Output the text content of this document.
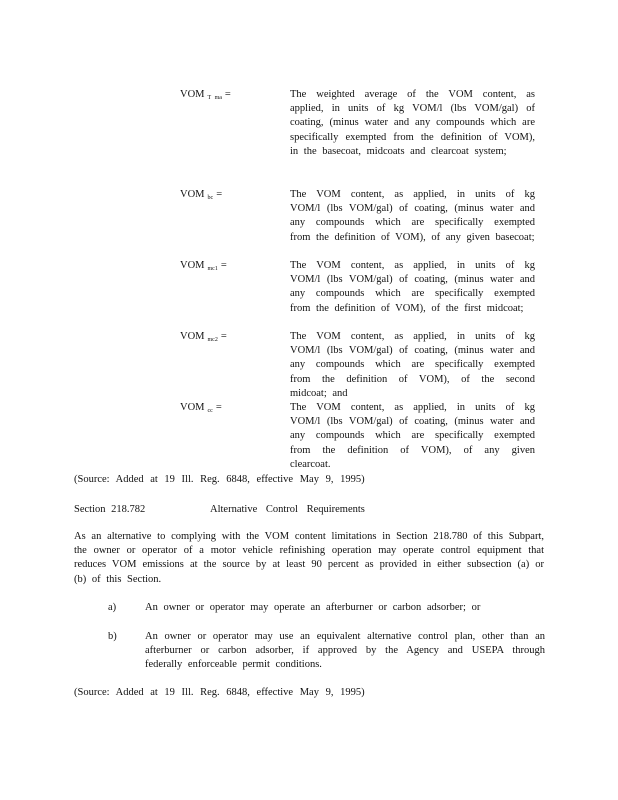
VOM $_{T ma}$ =	The weighted average of the VOM content, as applied, in units of kg VOM/l (lbs VOM/gal) of coating, (minus water and any compounds which are specifically exempted from the definition of VOM), in the basecoat, midcoats and clearcoat system;
VOM $_{bc}$ =	The VOM content, as applied, in units of kg VOM/l (lbs VOM/gal) of coating, (minus water and any compounds which are specifically exempted from the definition of VOM), of any given basecoat;
VOM $_{mc1}$ =	The VOM content, as applied, in units of kg VOM/l (lbs VOM/gal) of coating, (minus water and any compounds which are specifically exempted from the definition of VOM), of the first midcoat;
VOM $_{mc2}$ =	The VOM content, as applied, in units of kg VOM/l (lbs VOM/gal) of coating, (minus water and any compounds which are specifically exempted from the definition of VOM), of the second midcoat; and
VOM $_{cc}$ =	The VOM content, as applied, in units of kg VOM/l (lbs VOM/gal) of coating, (minus water and any compounds which are specifically exempted from the definition of VOM), of any given clearcoat.
(Source: Added at 19 Ill. Reg. 6848, effective May 9, 1995)
Section 218.782	Alternative Control Requirements
As an alternative to complying with the VOM content limitations in Section 218.780 of this Subpart, the owner or operator of a motor vehicle refinishing operation may operate control equipment that reduces VOM emissions at the source by at least 90 percent as provided in either subsection (a) or (b) of this Section.
a)	An owner or operator may operate an afterburner or carbon adsorber; or
b)	An owner or operator may use an equivalent alternative control plan, other than an afterburner or carbon adsorber, if approved by the Agency and USEPA through federally enforceable permit conditions.
(Source: Added at 19 Ill. Reg. 6848, effective May 9, 1995)
